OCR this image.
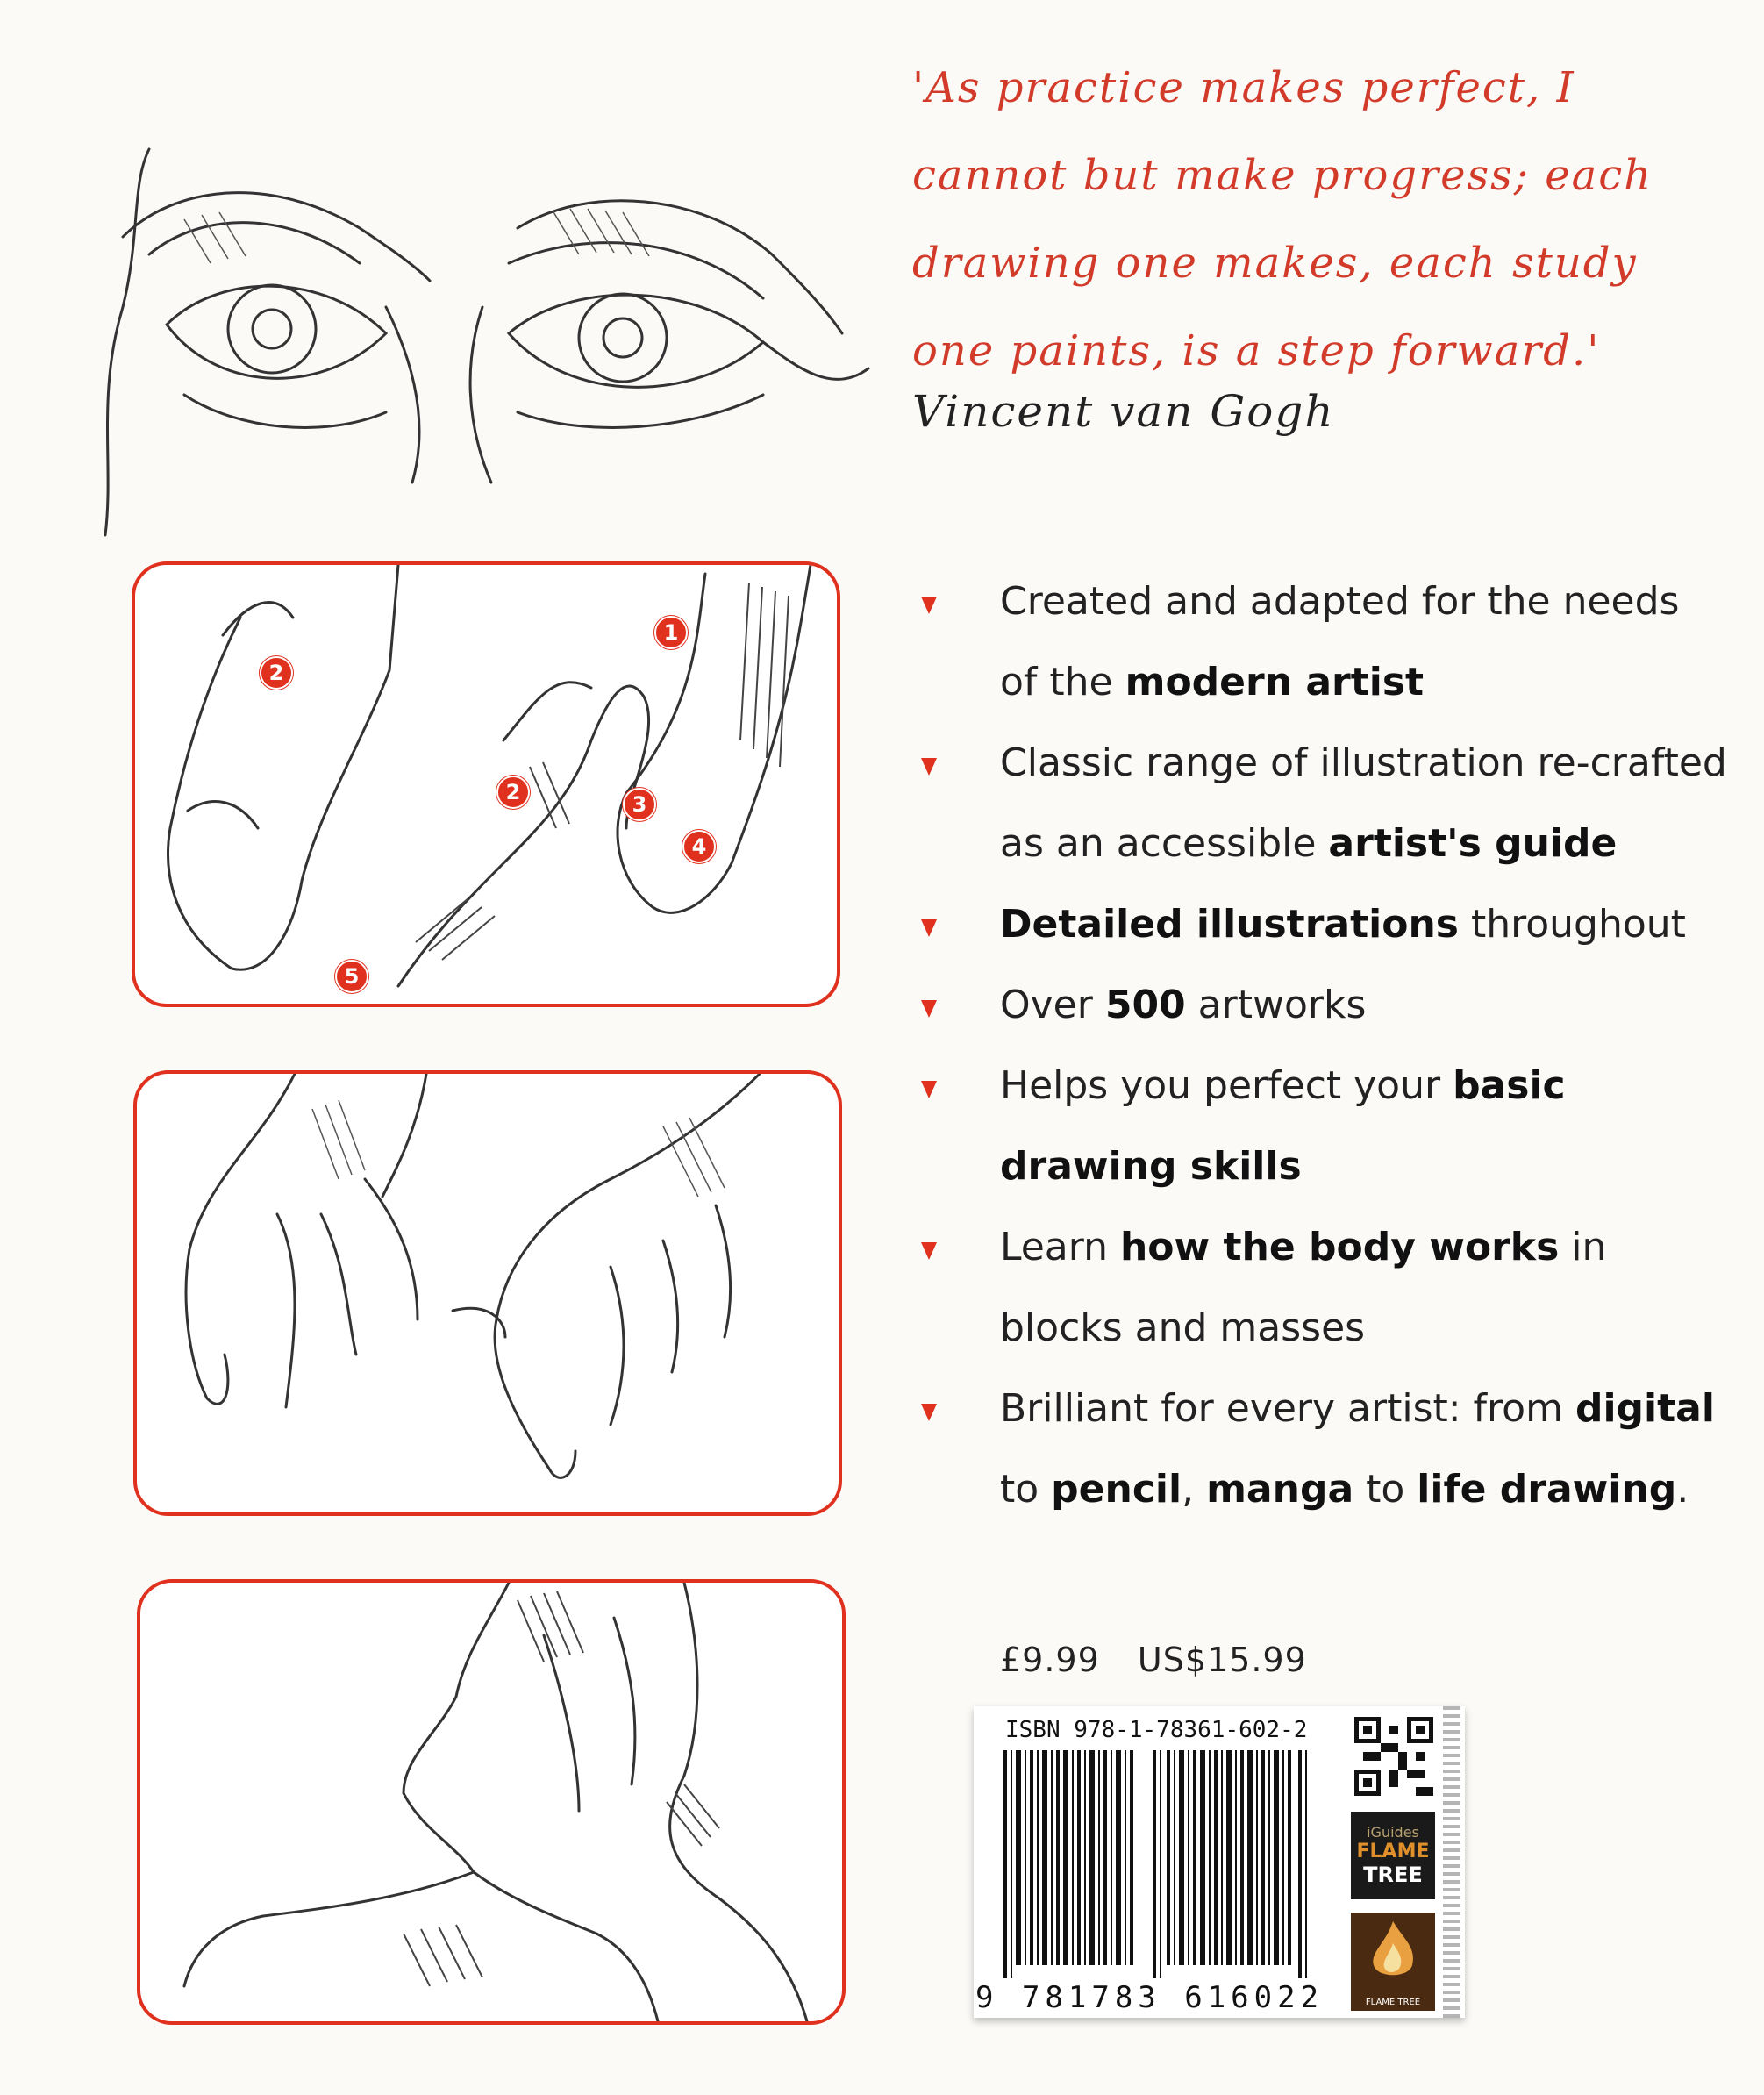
'As practice makes perfect, I
cannot but make progress; each
drawing one makes, each study
one paints, is a step forward.'
Vincent van Gogh
2
1
2	3
4
5
Created and adapted for the needs of the modern artist
Classic range of illustration re-crafted as an accessible artist's guide
Detailed illustrations throughout
Over 500 artworks
Helps you perfect your basic drawing skills
Learn how the body works in blocks and masses
Brilliant for every artist: from digital to pencil, manga to life drawing.
£9.99 US$15.99
ISBN 978-1-78361-602-2
9 781783 616022
iGuides
FLAME
TREE
FLAME TREE
